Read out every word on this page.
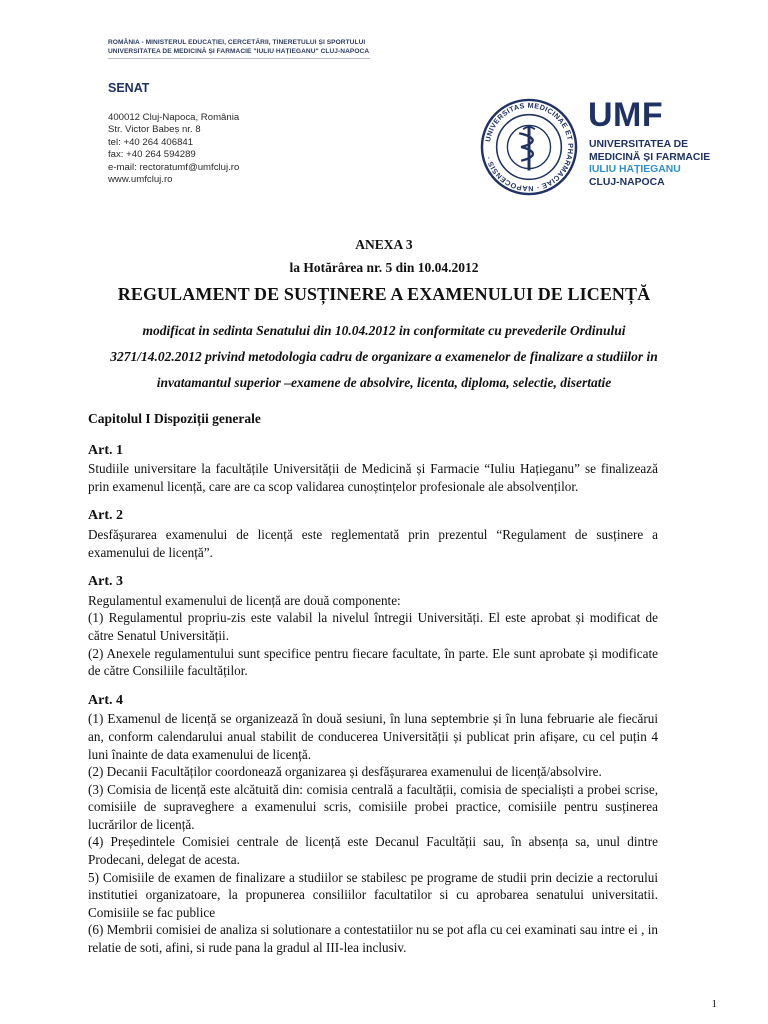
ROMÂNIA - MINISTERUL EDUCAȚIEI, CERCETĂRII, TINERETULUI ȘI SPORTULUI
UNIVERSITATEA DE MEDICINĂ ȘI FARMACIE "IULIU HAȚIEGANU" CLUJ-NAPOCA
SENAT
400012 Cluj-Napoca, România
Str. Victor Babeș nr. 8
tel: +40 264 406841
fax: +40 264 594289
e-mail: rectoratumf@umfcluj.ro
www.umfcluj.ro
UNIVERSITAS MEDICINAE ET PHARMACIAE · NAPOCENSIS ·
UMF
UNIVERSITATEA DE
MEDICINĂ ȘI FARMACIE
IULIU HAȚIEGANU
CLUJ-NAPOCA
ANEXA 3
la Hotărârea nr. 5 din 10.04.2012
REGULAMENT DE SUSȚINERE A EXAMENULUI DE LICENȚĂ
modificat in sedinta Senatului din 10.04.2012 in conformitate cu prevederile Ordinului
3271/14.02.2012 privind metodologia cadru de organizare a examenelor de finalizare a studiilor in
invatamantul superior –examene de absolvire, licenta, diploma, selectie, disertatie
Capitolul I Dispoziții generale
Art. 1
Studiile universitare la facultățile Universității de Medicină și Farmacie “Iuliu Hațieganu” se finalizează prin examenul licență, care are ca scop validarea cunoștințelor profesionale ale absolvenților.
Art. 2
Desfășurarea examenului de licență este reglementată prin prezentul “Regulament de susținere a examenului de licență”.
Art. 3
Regulamentul examenului de licență are două componente:
(1) Regulamentul propriu-zis este valabil la nivelul întregii Universități. El este aprobat și modificat de către Senatul Universității.
(2) Anexele regulamentului sunt specifice pentru fiecare facultate, în parte. Ele sunt aprobate și modificate de către Consiliile facultăților.
Art. 4
(1) Examenul de licență se organizează în două sesiuni, în luna septembrie și în luna februarie ale fiecărui an, conform calendarului anual stabilit de conducerea Universității și publicat prin afișare, cu cel puțin 4 luni înainte de data examenului de licență.
(2) Decanii Facultăților coordonează organizarea și desfășurarea examenului de licență/absolvire.
(3) Comisia de licență este alcătuită din: comisia centrală a facultății, comisia de specialiști a probei scrise, comisiile de supraveghere a examenului scris, comisiile probei practice, comisiile pentru susținerea lucrărilor de licență.
(4) Președintele Comisiei centrale de licență este Decanul Facultății sau, în absența sa, unul dintre Prodecani, delegat de acesta.
5) Comisiile de examen de finalizare a studiilor se stabilesc pe programe de studii prin decizie a rectorului institutiei organizatoare, la propunerea consiliilor facultatilor si cu aprobarea senatului universitatii. Comisiile se fac publice
(6) Membrii comisiei de analiza si solutionare a contestatiilor nu se pot afla cu cei examinati sau intre ei , in relatie de soti, afini, si rude pana la gradul al III-lea inclusiv.
1
